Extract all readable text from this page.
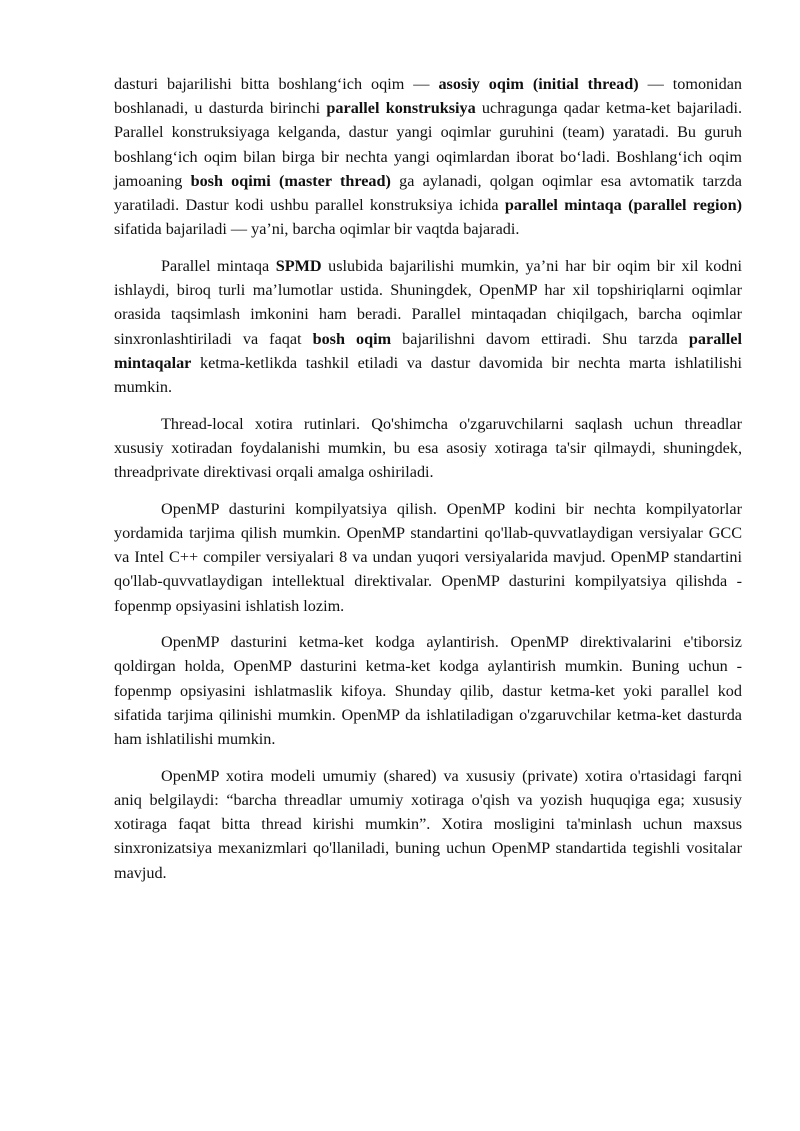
dasturi bajarilishi bitta boshlang‘ich oqim — asosiy oqim (initial thread) — tomonidan boshlanadi, u dasturda birinchi parallel konstruksiya uchragunga qadar ketma-ket bajariladi. Parallel konstruksiyaga kelganda, dastur yangi oqimlar guruhini (team) yaratadi. Bu guruh boshlang‘ich oqim bilan birga bir nechta yangi oqimlardan iborat bo‘ladi. Boshlang‘ich oqim jamoaning bosh oqimi (master thread) ga aylanadi, qolgan oqimlar esa avtomatik tarzda yaratiladi. Dastur kodi ushbu parallel konstruksiya ichida parallel mintaqa (parallel region) sifatida bajariladi — ya’ni, barcha oqimlar bir vaqtda bajaradi.

Parallel mintaqa SPMD uslubida bajarilishi mumkin, ya’ni har bir oqim bir xil kodni ishlaydi, biroq turli ma’lumotlar ustida. Shuningdek, OpenMP har xil topshiriqlarni oqimlar orasida taqsimlash imkonini ham beradi. Parallel mintaqadan chiqilgach, barcha oqimlar sinxronlashtiriladi va faqat bosh oqim bajarilishni davom ettiradi. Shu tarzda parallel mintaqalar ketma-ketlikda tashkil etiladi va dastur davomida bir nechta marta ishlatilishi mumkin.

Thread-local xotira rutinlari. Qo'shimcha o'zgaruvchilarni saqlash uchun threadlar xususiy xotiradan foydalanishi mumkin, bu esa asosiy xotiraga ta'sir qilmaydi, shuningdek, threadprivate direktivasi orqali amalga oshiriladi.

OpenMP dasturini kompilyatsiya qilish. OpenMP kodini bir nechta kompilyatorlar yordamida tarjima qilish mumkin. OpenMP standartini qo'llab-quvvatlaydigan versiyalar GCC va Intel C++ compiler versiyalari 8 va undan yuqori versiyalarida mavjud. OpenMP standartini qo'llab-quvvatlaydigan intellektual direktivalar. OpenMP dasturini kompilyatsiya qilishda -fopenmp opsiyasini ishlatish lozim.

OpenMP dasturini ketma-ket kodga aylantirish. OpenMP direktivalarini e'tiborsiz qoldirgan holda, OpenMP dasturini ketma-ket kodga aylantirish mumkin. Buning uchun -fopenmp opsiyasini ishlatmaslik kifoya. Shunday qilib, dastur ketma-ket yoki parallel kod sifatida tarjima qilinishi mumkin. OpenMP da ishlatiladigan o'zgaruvchilar ketma-ket dasturda ham ishlatilishi mumkin.

OpenMP xotira modeli umumiy (shared) va xususiy (private) xotira o'rtasidagi farqni aniq belgilaydi: “barcha threadlar umumiy xotiraga o'qish va yozish huquqiga ega; xususiy xotiraga faqat bitta thread kirishi mumkin”. Xotira mosligini ta'minlash uchun maxsus sinxronizatsiya mexanizmlari qo'llaniladi, buning uchun OpenMP standartida tegishli vositalar mavjud.
